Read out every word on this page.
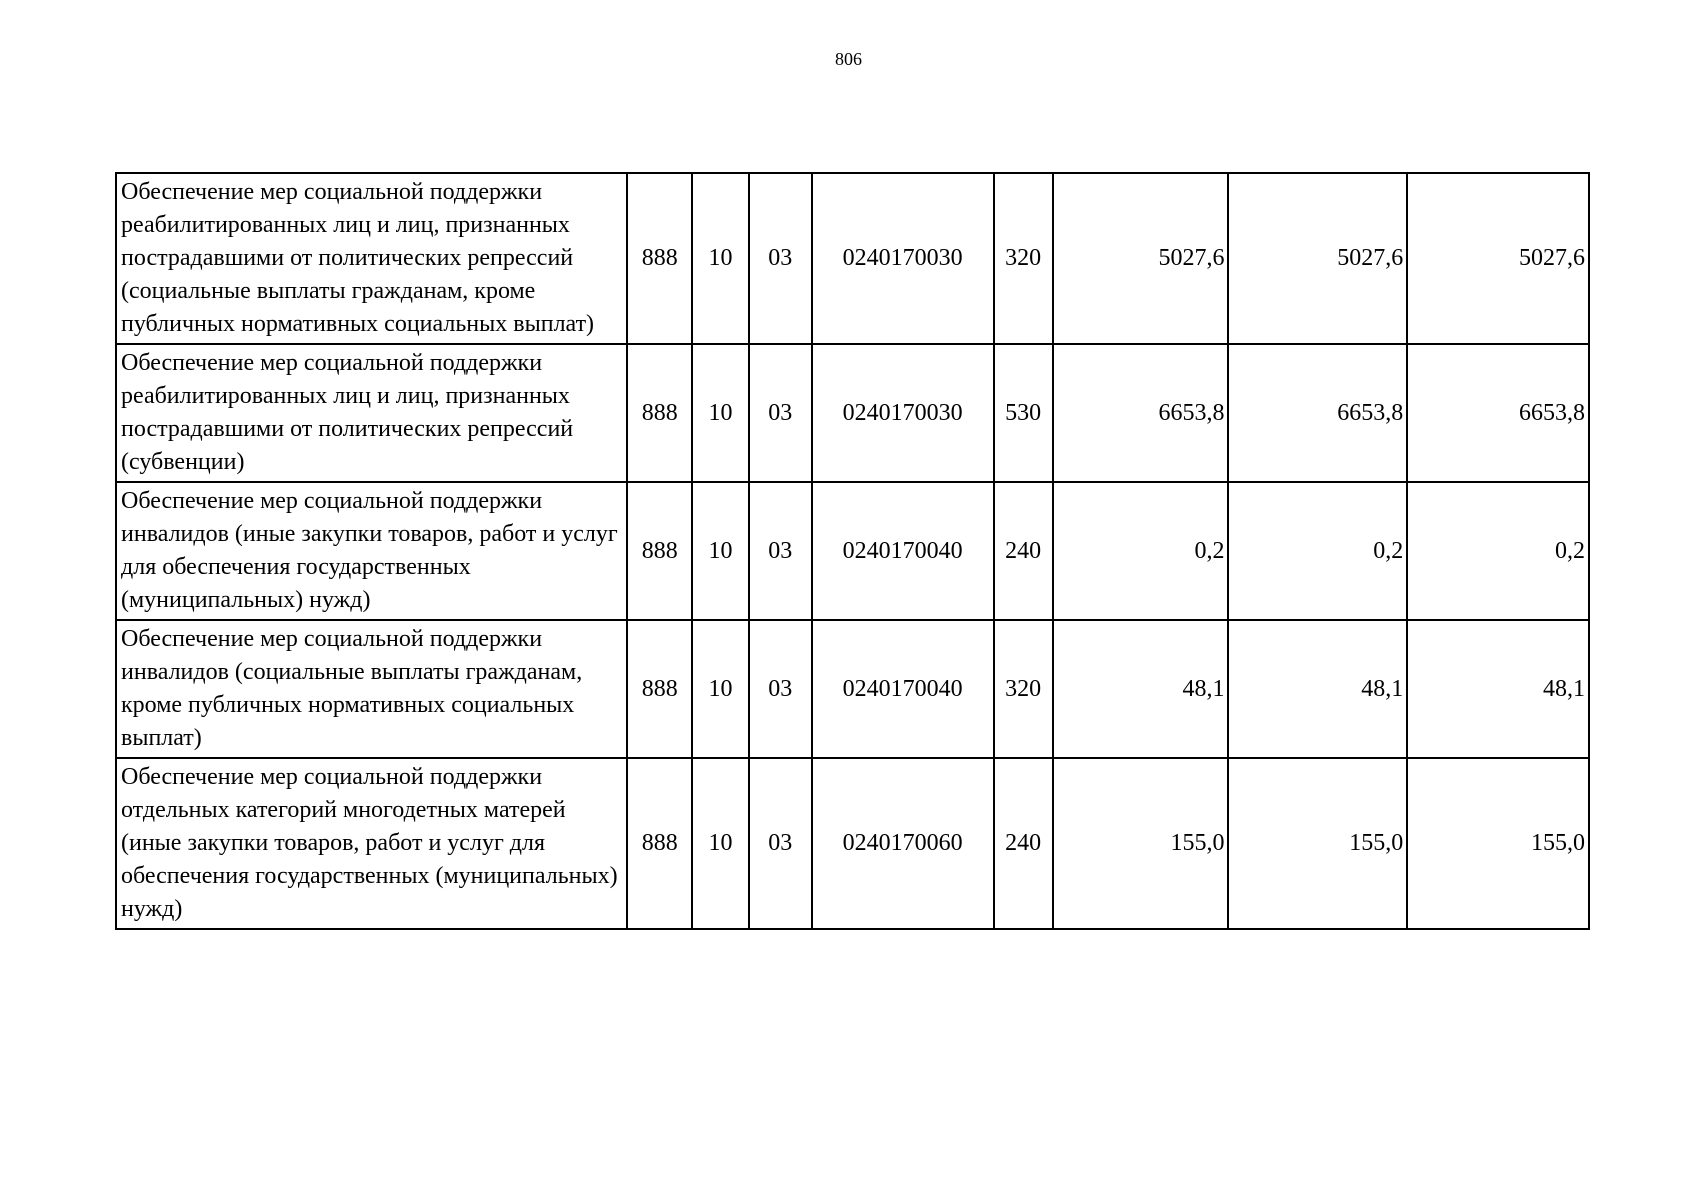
806
Обеспечение мер социальной поддержки реабилитированных лиц и лиц, признанных пострадавшими от политических репрессий (социальные выплаты гражданам, кроме публичных нормативных социальных выплат)	888	10	03	0240170030	320	5027,6	5027,6	5027,6
Обеспечение мер социальной поддержки реабилитированных лиц и лиц, признанных пострадавшими от политических репрессий (субвенции)	888	10	03	0240170030	530	6653,8	6653,8	6653,8
Обеспечение мер социальной поддержки инвалидов (иные закупки товаров, работ и услуг для обеспечения государственных (муниципальных) нужд)	888	10	03	0240170040	240	0,2	0,2	0,2
Обеспечение мер социальной поддержки инвалидов (социальные выплаты гражданам, кроме публичных нормативных социальных выплат)	888	10	03	0240170040	320	48,1	48,1	48,1
Обеспечение мер социальной поддержки отдельных категорий многодетных матерей (иные закупки товаров, работ и услуг для обеспечения государственных (муниципальных) нужд)	888	10	03	0240170060	240	155,0	155,0	155,0
